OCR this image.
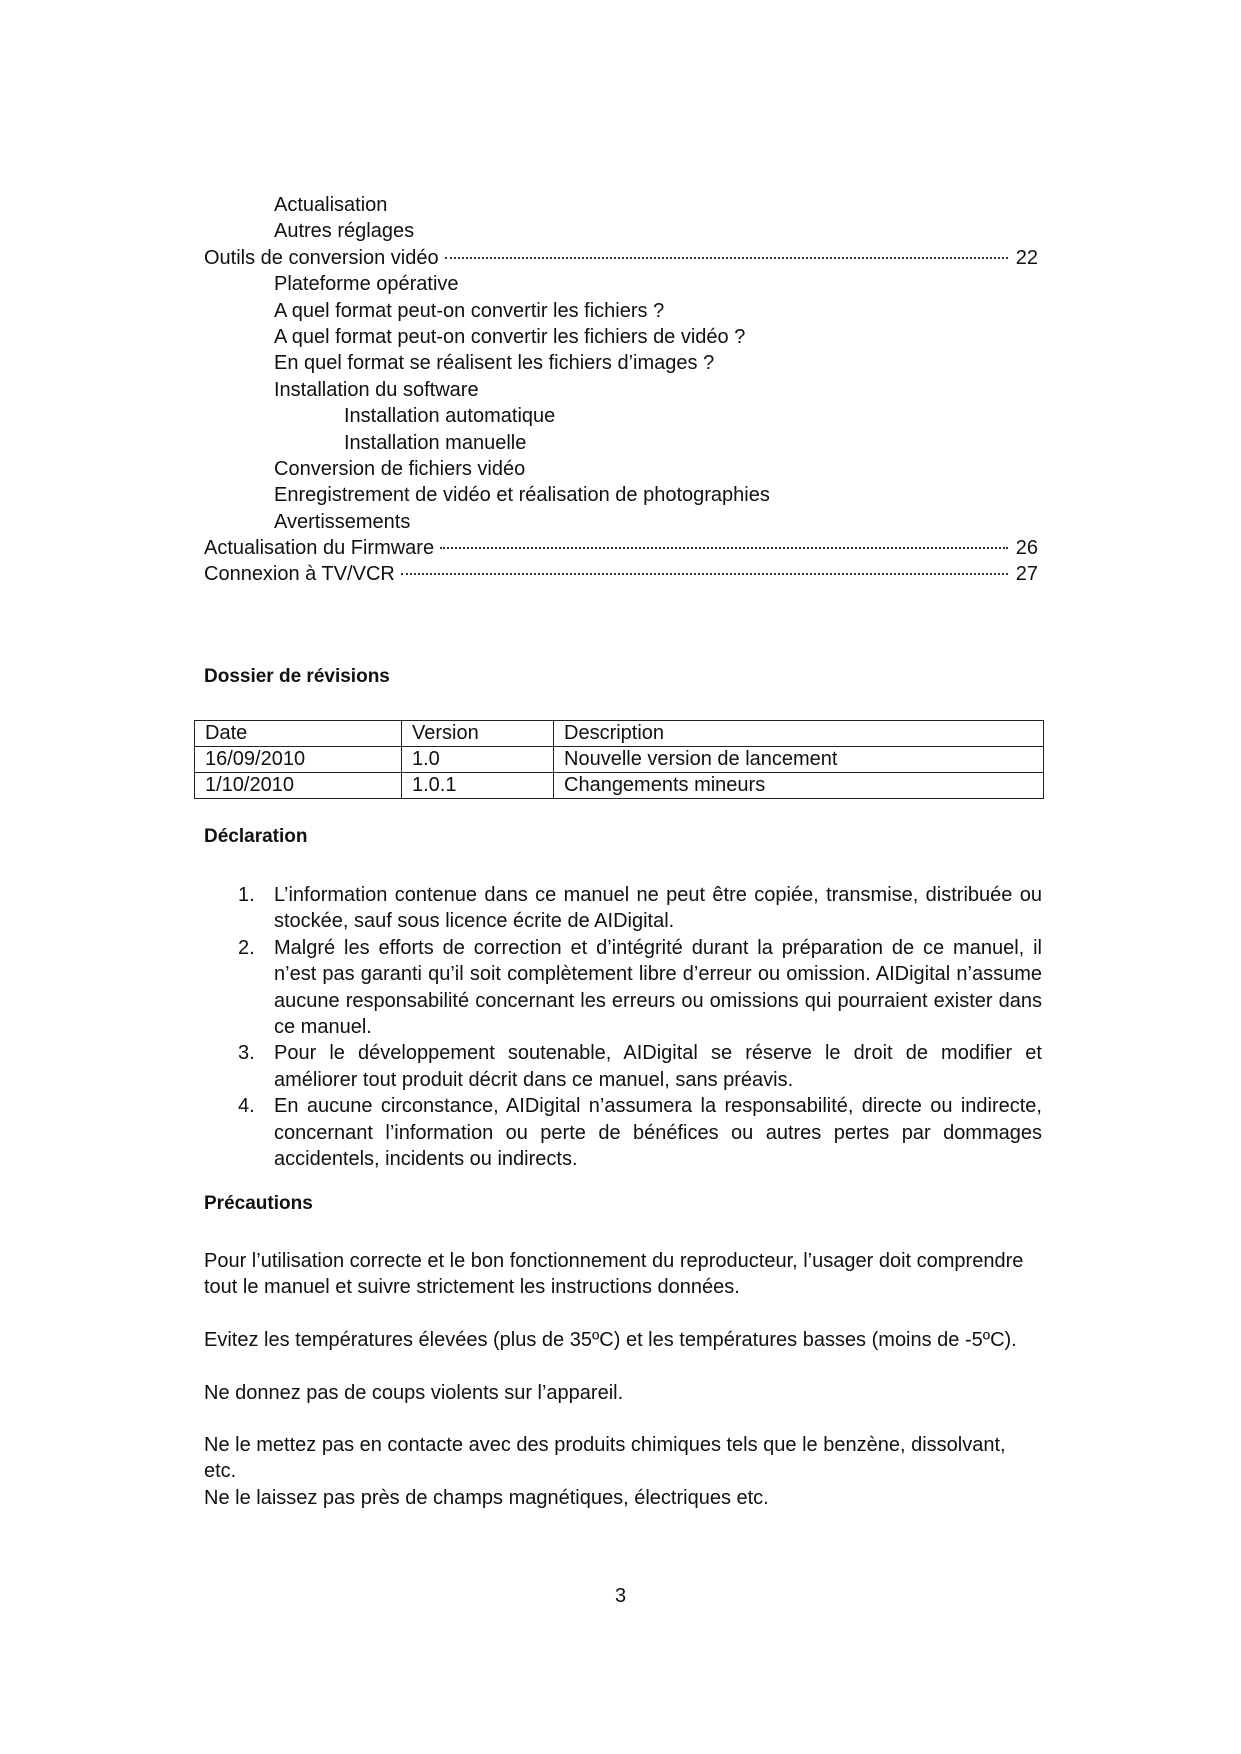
Actualisation
Autres réglages
Outils de conversion vidéo	22
Plateforme opérative
A quel format peut-on convertir les fichiers ?
A quel format peut-on convertir les fichiers de vidéo ?
En quel format se réalisent les fichiers d’images ?
Installation du software
Installation automatique
Installation manuelle
Conversion de fichiers vidéo
Enregistrement de vidéo et réalisation de photographies
Avertissements
Actualisation du Firmware	26
Connexion à TV/VCR	27
Dossier de révisions
Date	Version	Description
16/09/2010	1.0	Nouvelle version de lancement
1/10/2010	1.0.1	Changements mineurs
Déclaration
1. L’information contenue dans ce manuel ne peut être copiée, transmise, distribuée ou stockée, sauf sous licence écrite de AIDigital.
2. Malgré les efforts de correction et d’intégrité durant la préparation de ce manuel, il n’est pas garanti qu’il soit complètement libre d’erreur ou omission. AIDigital n’assume aucune responsabilité concernant les erreurs ou omissions qui pourraient exister dans ce manuel.
3. Pour le développement soutenable, AIDigital se réserve le droit de modifier et améliorer tout produit décrit dans ce manuel, sans préavis.
4. En aucune circonstance, AIDigital n’assumera la responsabilité, directe ou indirecte, concernant l’information ou perte de bénéfices ou autres pertes par dommages accidentels, incidents ou indirects.
Précautions

Pour l’utilisation correcte et le bon fonctionnement du reproducteur, l’usager doit comprendre tout le manuel et suivre strictement les instructions données.

Evitez les températures élevées (plus de 35ºC) et les températures basses (moins de -5ºC).

Ne donnez pas de coups violents sur l’appareil.

Ne le mettez pas en contacte avec des produits chimiques tels que le benzène, dissolvant, etc.

Ne le laissez pas près de champs magnétiques, électriques etc.

3
